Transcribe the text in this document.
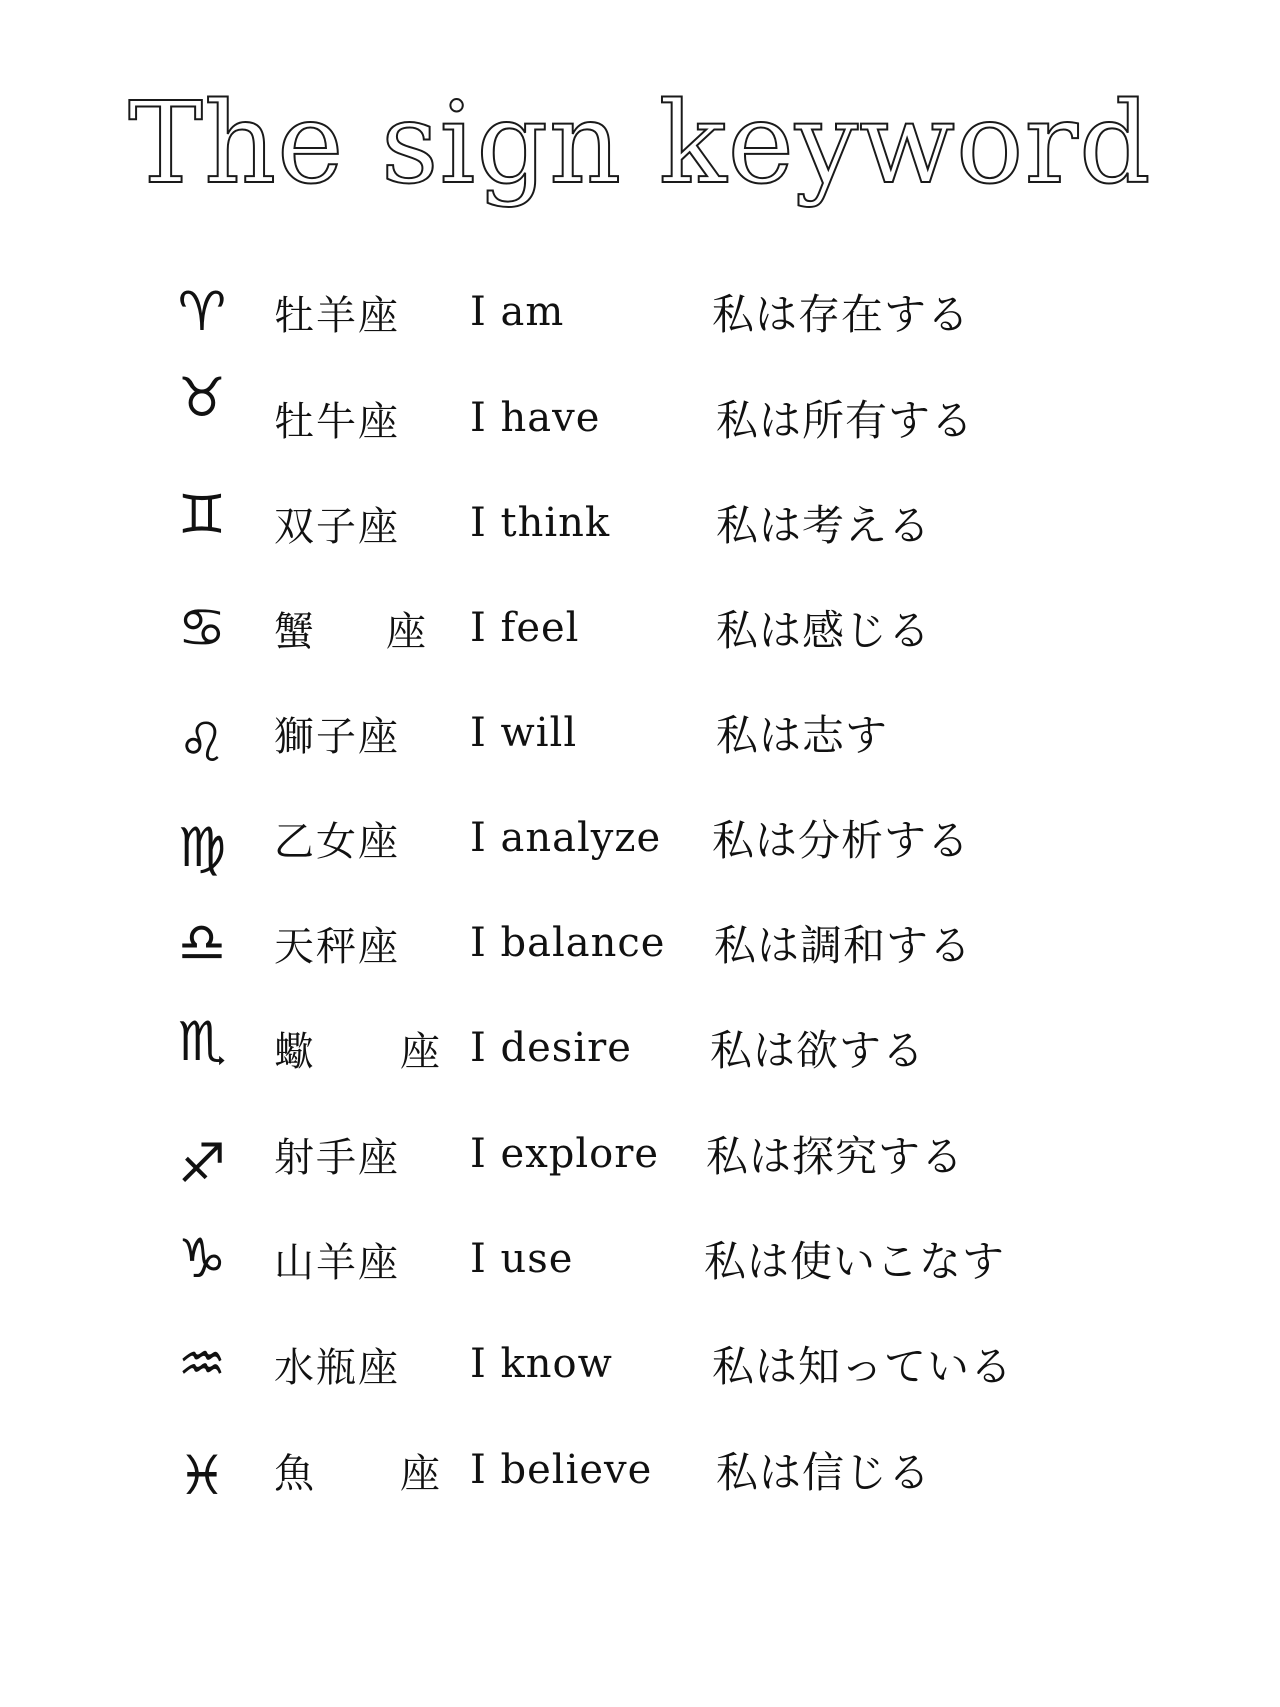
The sign keyword
♈ 牡羊座	I am	私は存在する
♉ 牡牛座	I have	私は所有する
♊ 双子座	I think	私は考える
♋ 蟹 座 I feel	私は感じる
♌ 獅子座	I will	私は志す
♍ 乙女座	I analyze	私は分析する
♎ 天秤座	I balance	私は調和する
♏ 蠍 座 I desire	私は欲する
♐ 射手座	I explore	私は探究する
♑ 山羊座	I use	私は使いこなす
♒ 水瓶座	I know	私は知っている
♓ 魚 座 I believe	私は信じる
